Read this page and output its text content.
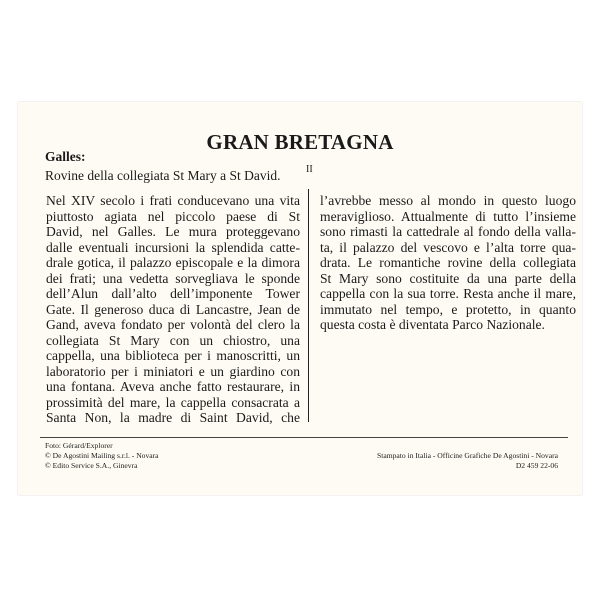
GRAN BRETAGNA
Galles:
Rovine della collegiata St Mary a St David.	II
Nel XIV secolo i frati conducevano una vita
piuttosto agiata nel piccolo paese di St
David, nel Galles. Le mura proteggevano
dalle eventuali incursioni la splendida catte-
drale gotica, il palazzo episcopale e la dimora
dei frati; una vedetta sorvegliava le sponde
dell’Alun dall’alto dell’imponente Tower
Gate. Il generoso duca di Lancastre, Jean de
Gand, aveva fondato per volontà del clero la
collegiata St Mary con un chiostro, una
cappella, una biblioteca per i manoscritti, un
laboratorio per i miniatori e un giardino con
una fontana. Aveva anche fatto restaurare, in
prossimità del mare, la cappella consacrata a
Santa Non, la madre di Saint David, che
l’avrebbe messo al mondo in questo luogo
meraviglioso. Attualmente di tutto l’insieme
sono rimasti la cattedrale al fondo della valla-
ta, il palazzo del vescovo e l’alta torre qua-
drata. Le romantiche rovine della collegiata
St Mary sono costituite da una parte della
cappella con la sua torre. Resta anche il mare,
immutato nel tempo, e protetto, in quanto
questa costa è diventata Parco Nazionale.
Foto: Gérard/Explorer
© De Agostini Mailing s.r.l. - Novara
© Edito Service S.A., Ginevra
Stampato in Italia - Officine Grafiche De Agostini - Novara
D2 459 22-06
